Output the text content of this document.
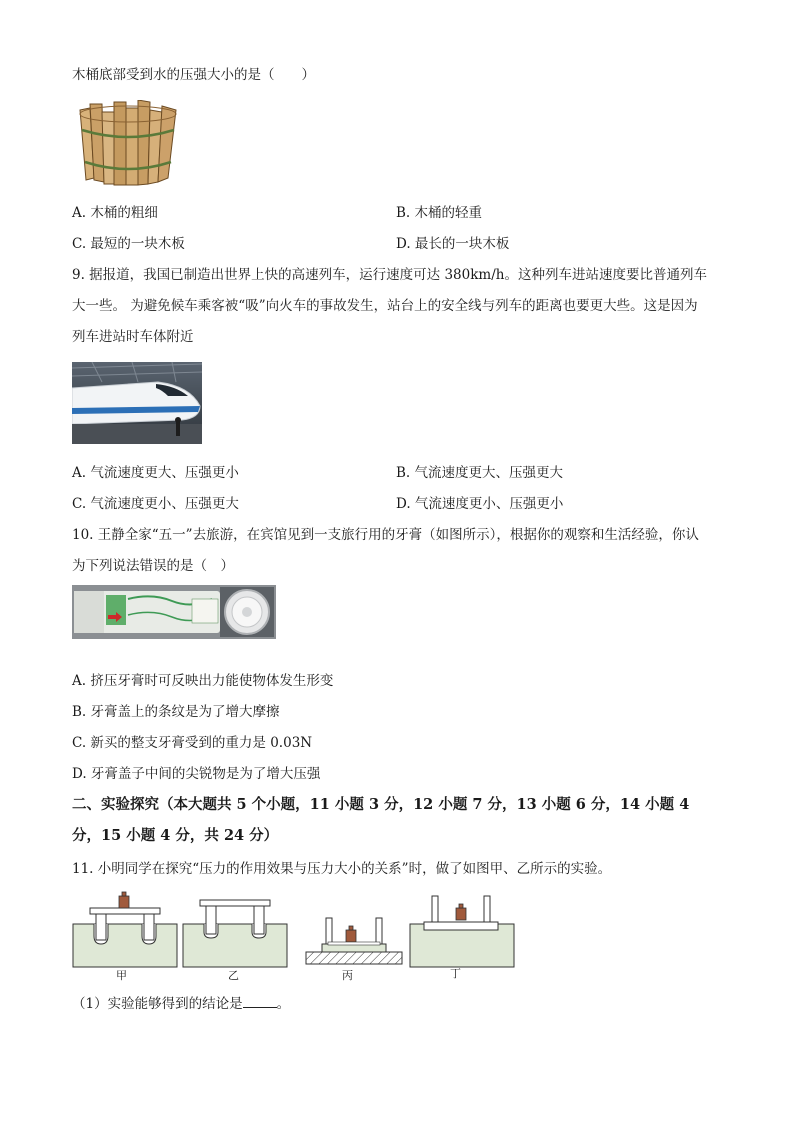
木桶底部受到水的压强大小的是（　　）
A. 木桶的粗细	B. 木桶的轻重
C. 最短的一块木板	D. 最长的一块木板
9. 据报道，我国已制造出世界上快的高速列车，运行速度可达 380km/h。这种列车进站速度要比普通列车
大一些。 为避免候车乘客被“吸”向火车的事故发生，站台上的安全线与列车的距离也要更大些。这是因为
列车进站时车体附近
A. 气流速度更大、压强更小	B. 气流速度更大、压强更大
C. 气流速度更小、压强更大	D. 气流速度更小、压强更小
10. 王静全家“五一”去旅游，在宾馆见到一支旅行用的牙膏（如图所示），根据你的观察和生活经验，你认
为下列说法错误的是（　）
A. 挤压牙膏时可反映出力能使物体发生形变
B. 牙膏盖上的条纹是为了增大摩擦
C. 新买的整支牙膏受到的重力是 0.03N
D. 牙膏盖子中间的尖锐物是为了增大压强
二、实验探究（本大题共 5 个小题，11 小题 3 分，12 小题 7 分，13 小题 6 分，14 小题 4
分，15 小题 4 分，共 24 分）
11. 小明同学在探究“压力的作用效果与压力大小的关系”时，做了如图甲、乙所示的实验。
甲	乙	丙	丁
（1）实验能够得到的结论是	。
